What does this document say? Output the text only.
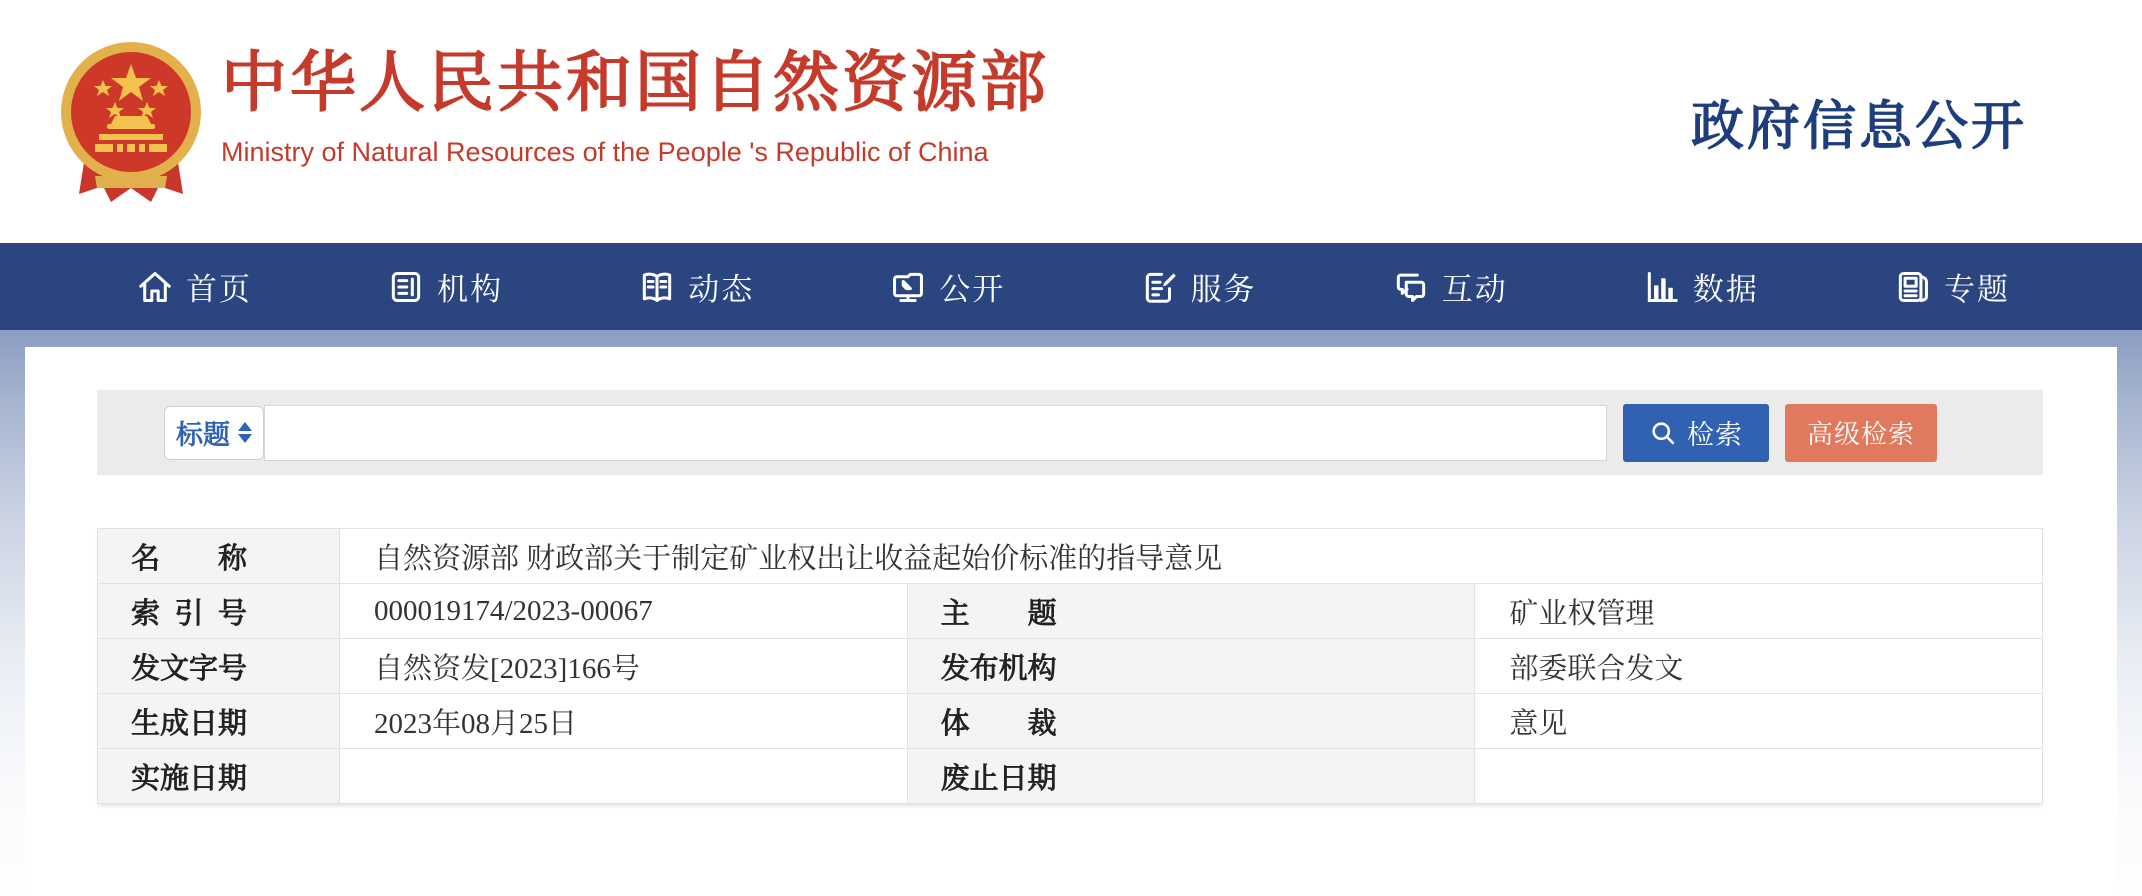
中华人民共和国自然资源部
Ministry of Natural Resources of the People 's Republic of China	政府信息公开
首页	机构	动态	公开	服务	互动	数据	专题
标题	检索 高级检索
名称	自然资源部 财政部关于制定矿业权出让收益起始价标准的指导意见		
索引号	000019174/2023-00067	主题	矿业权管理
发文字号	自然资发[2023]166号	发布机构	部委联合发文
生成日期	2023年08月25日	体裁	意见
实施日期		废止日期	
